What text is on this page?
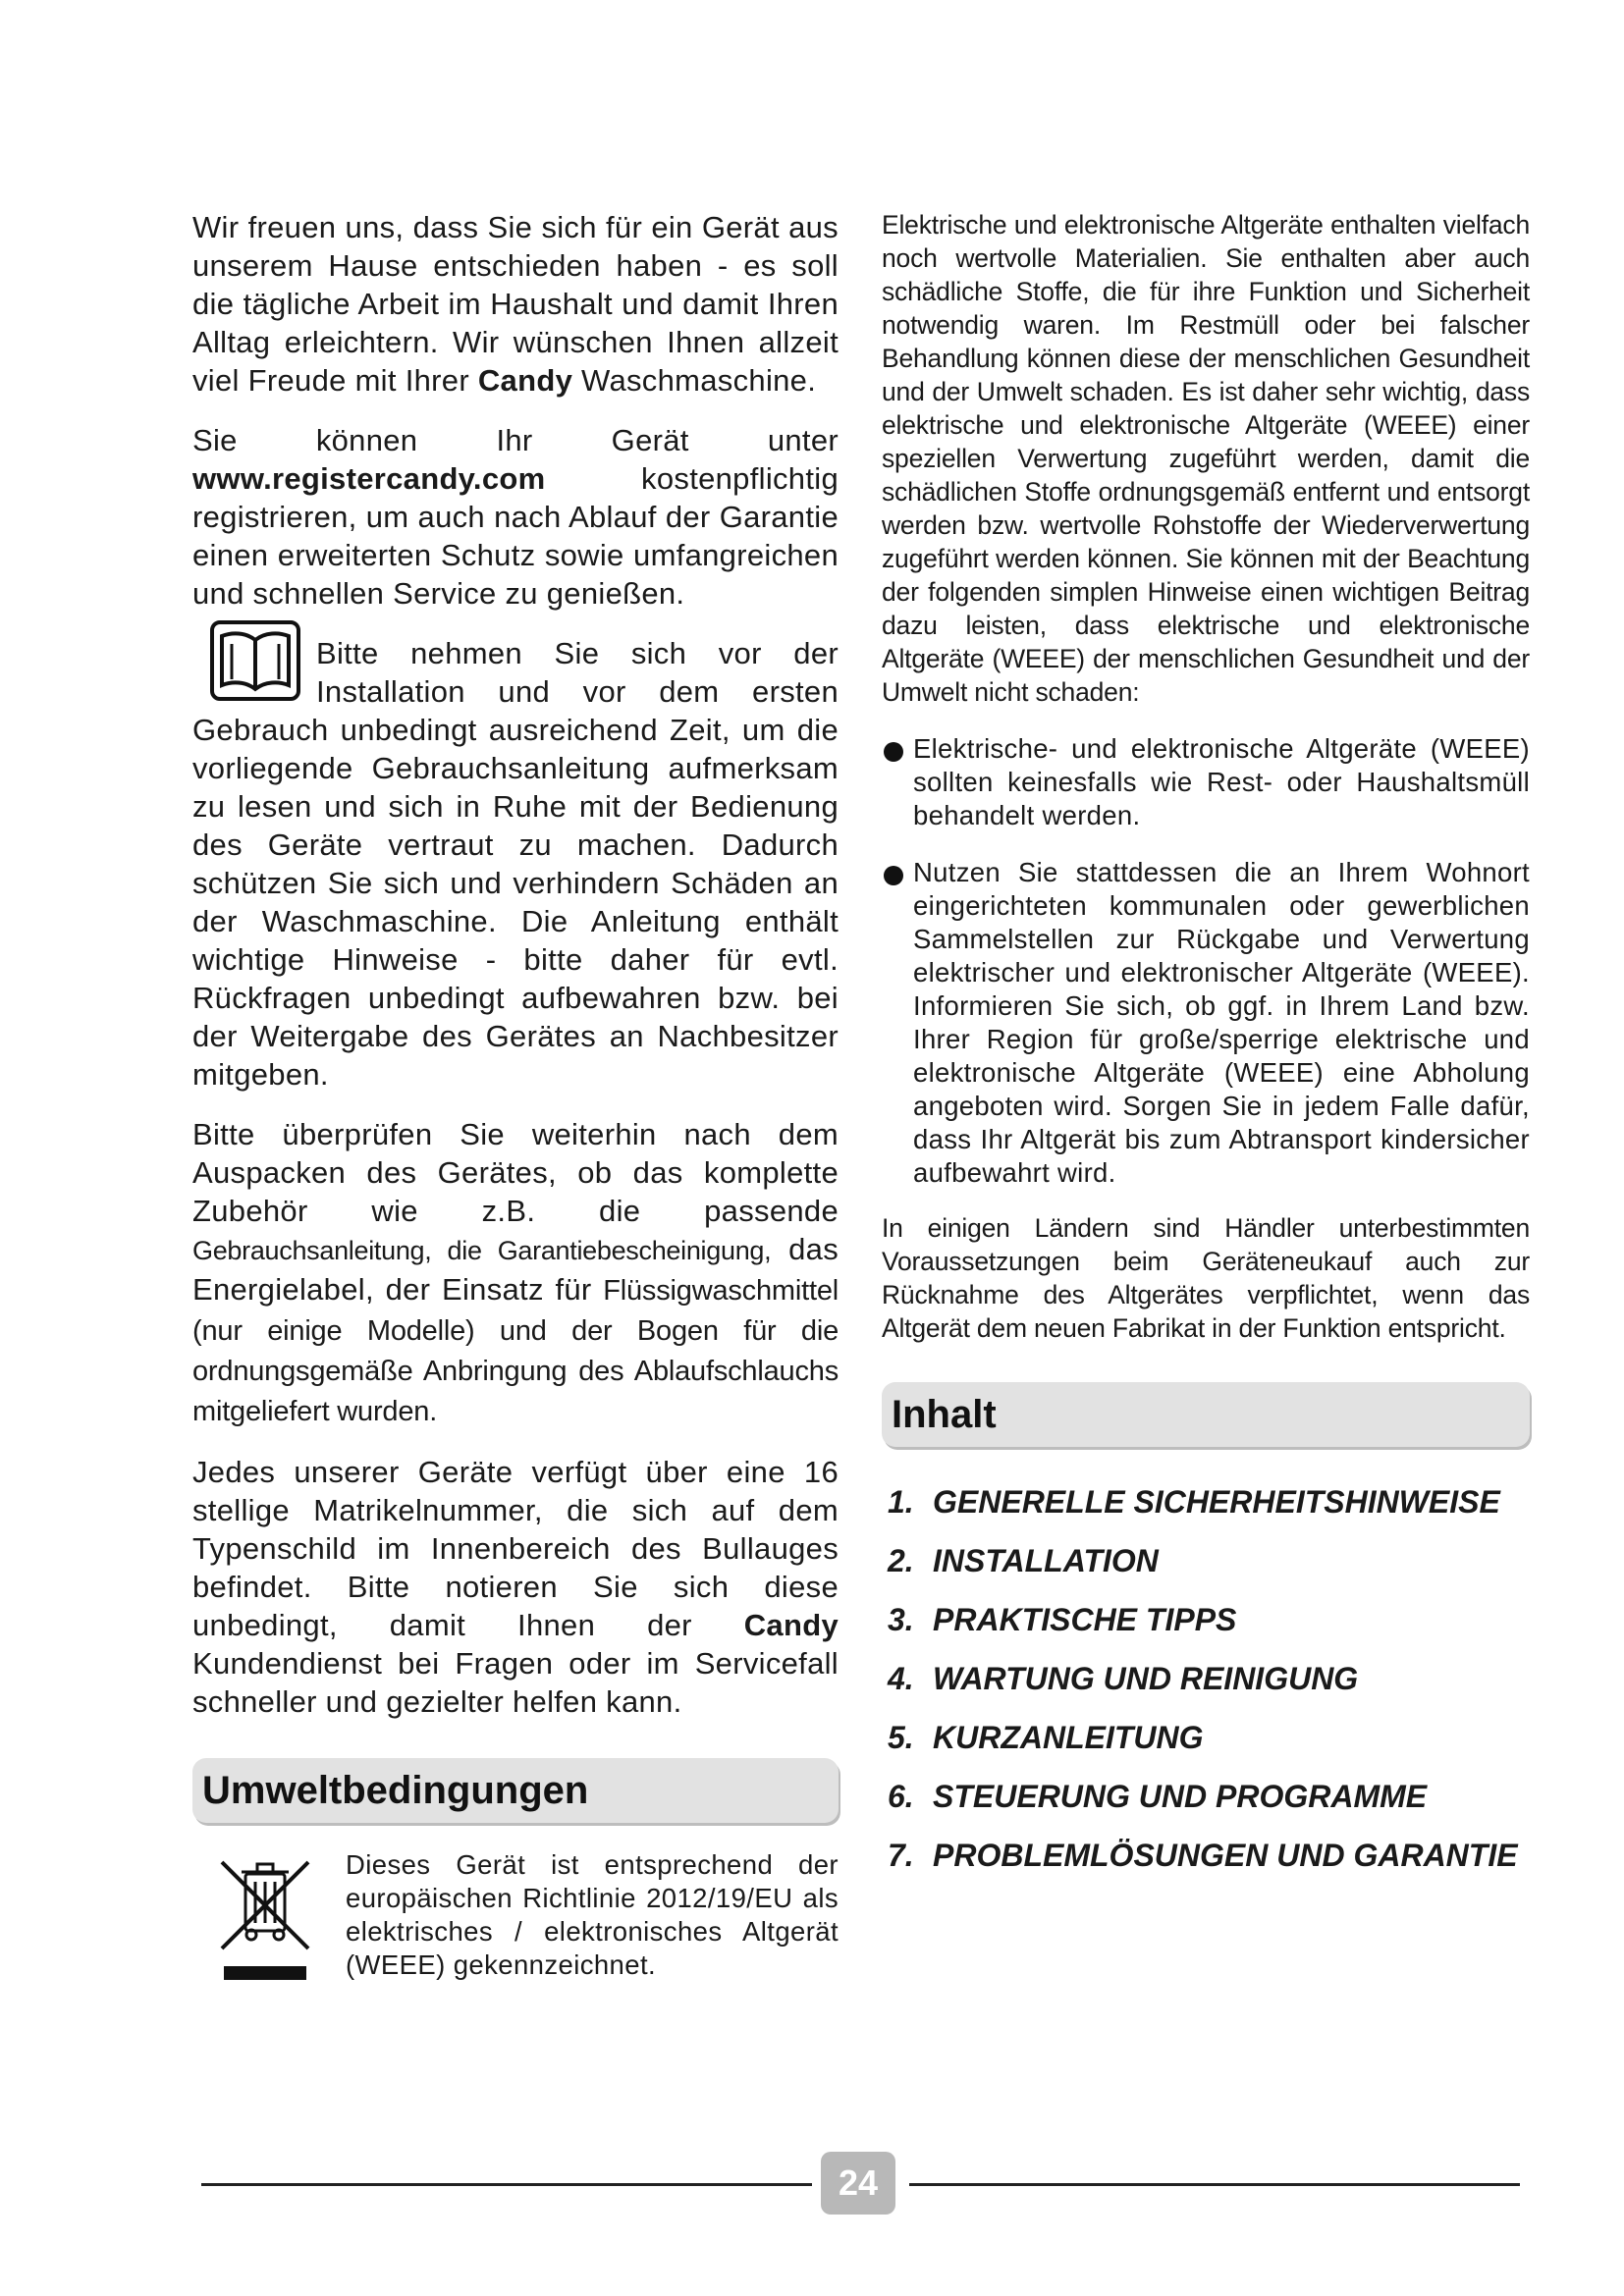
Wir freuen uns, dass Sie sich für ein Gerät aus unserem Hause entschieden haben - es soll die tägliche Arbeit im Haushalt und damit Ihren Alltag erleichtern. Wir wünschen Ihnen allzeit viel Freude mit Ihrer Candy Waschmaschine.

Sie können Ihr Gerät unter www.registercandy.com	kostenpflichtig registrieren, um auch nach Ablauf der Garantie einen erweiterten Schutz sowie umfangreichen und schnellen Service zu genießen.

Bitte nehmen Sie sich vor der Installation und vor dem ersten Gebrauch unbedingt ausreichend Zeit, um die vorliegende Gebrauchsanleitung aufmerksam zu lesen und sich in Ruhe mit der Bedienung des Geräte vertraut zu machen. Dadurch schützen Sie sich und verhindern Schäden an der Waschmaschine. Die Anleitung enthält wichtige Hinweise - bitte daher für evtl. Rückfragen unbedingt aufbewahren bzw. bei der Weitergabe des Gerätes an Nachbesitzer mitgeben.

Bitte überprüfen Sie weiterhin nach dem Auspacken des Gerätes, ob das komplette Zubehör wie z.B. die passende Gebrauchsanleitung, die Garantiebescheinigung, das Energielabel, der Einsatz für Flüssigwaschmittel (nur einige Modelle) und der Bogen für die ordnungsgemäße Anbringung des Ablaufschlauchs mitgeliefert wurden.

Jedes unserer Geräte verfügt über eine 16 stellige Matrikelnummer, die sich auf dem Typenschild im Innenbereich des Bullauges befindet. Bitte notieren Sie sich diese unbedingt, damit Ihnen der Candy Kundendienst bei Fragen oder im Servicefall schneller und gezielter helfen kann.

Umweltbedingungen
Dieses Gerät ist entsprechend der europäischen Richtlinie 2012/19/EU als elektrisches / elektronisches Altgerät (WEEE) gekennzeichnet.

Elektrische und elektronische Altgeräte enthalten vielfach noch wertvolle Materialien. Sie enthalten aber auch schädliche Stoffe, die für ihre Funktion und Sicherheit notwendig waren. Im Restmüll oder bei falscher Behandlung können diese der menschlichen Gesundheit und der Umwelt schaden. Es ist daher sehr wichtig, dass elektrische und elektronische Altgeräte (WEEE) einer speziellen Verwertung zugeführt werden, damit die schädlichen Stoffe ordnungsgemäß entfernt und entsorgt werden bzw. wertvolle Rohstoffe der Wiederverwertung zugeführt werden können. Sie können mit der Beachtung der folgenden simplen Hinweise einen wichtigen Beitrag dazu leisten, dass elektrische und elektronische Altgeräte (WEEE) der menschlichen Gesundheit und der Umwelt nicht schaden:

Elektrische- und elektronische Altgeräte (WEEE) sollten keinesfalls wie Rest- oder Haushaltsmüll behandelt werden.
Nutzen Sie stattdessen die an Ihrem Wohnort eingerichteten kommunalen oder gewerblichen Sammelstellen zur Rückgabe und Verwertung elektrischer und elektronischer Altgeräte (WEEE). Informieren Sie sich, ob ggf. in Ihrem Land bzw. Ihrer Region für große/sperrige elektrische und elektronische Altgeräte (WEEE) eine Abholung angeboten wird. Sorgen Sie in jedem Falle dafür, dass Ihr Altgerät bis zum Abtransport kindersicher aufbewahrt wird.

In einigen Ländern sind Händler unterbestimmten Voraussetzungen beim Geräteneukauf auch zur Rücknahme des Altgerätes verpflichtet, wenn das Altgerät dem neuen Fabrikat in der Funktion entspricht.

Inhalt
1. GENERELLE SICHERHEITSHINWEISE
2. INSTALLATION
3. PRAKTISCHE TIPPS
4. WARTUNG UND REINIGUNG
5. KURZANLEITUNG
6. STEUERUNG UND PROGRAMME
7. PROBLEMLÖSUNGEN UND GARANTIE
24
